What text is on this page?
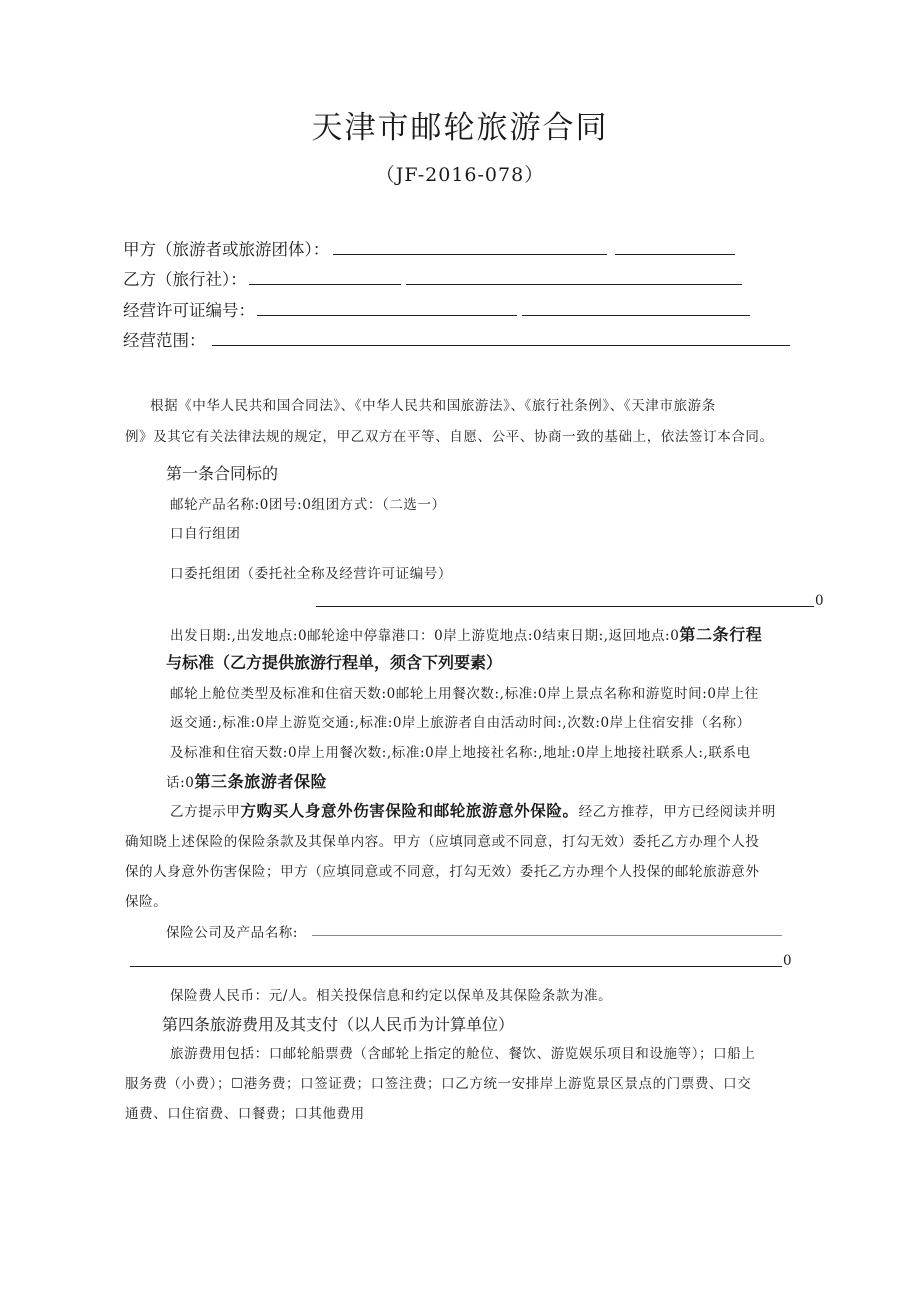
天津市邮轮旅游合同
（JF-2016-078）
甲方（旅游者或旅游团体）：
乙方（旅行社）：
经营许可证编号：
经营范围：
根据《中华人民共和国合同法》、《中华人民共和国旅游法》、《旅行社条例》、《天津市旅游条
例》及其它有关法律法规的规定，甲乙双方在平等、自愿、公平、协商一致的基础上，依法签订本合同。
第一条合同标的
邮轮产品名称:0团号:0组团方式：（二选一）
口自行组团
口委托组团（委托社全称及经营许可证编号）
0
出发日期:,出发地点:0邮轮途中停靠港口：0岸上游览地点:0结束日期:,返回地点:0第二条行程
与标准（乙方提供旅游行程单，须含下列要素）
邮轮上舱位类型及标准和住宿天数:0邮轮上用餐次数:,标准:0岸上景点名称和游览时间:0岸上往
返交通:,标准:0岸上游览交通:,标准:0岸上旅游者自由活动时间:,次数:0岸上住宿安排（名称）
及标准和住宿天数:0岸上用餐次数:,标准:0岸上地接社名称:,地址:0岸上地接社联系人:,联系电
话:0第三条旅游者保险
乙方提示甲方购买人身意外伤害保险和邮轮旅游意外保险。经乙方推荐，甲方已经阅读并明
确知晓上述保险的保险条款及其保单内容。甲方（应填同意或不同意，打勾无效）委托乙方办理个人投
保的人身意外伤害保险；甲方（应填同意或不同意，打勾无效）委托乙方办理个人投保的邮轮旅游意外
保险。
保险公司及产品名称:
0
保险费人民币：元/人。相关投保信息和约定以保单及其保险条款为准。
第四条旅游费用及其支付（以人民币为计算单位）
旅游费用包括：口邮轮船票费（含邮轮上指定的舱位、餐饮、游览娱乐项目和设施等）；口船上
服务费（小费）；☐港务费；口签证费；口签注费；口乙方统一安排岸上游览景区景点的门票费、口交
通费、口住宿费、口餐费；口其他费用
